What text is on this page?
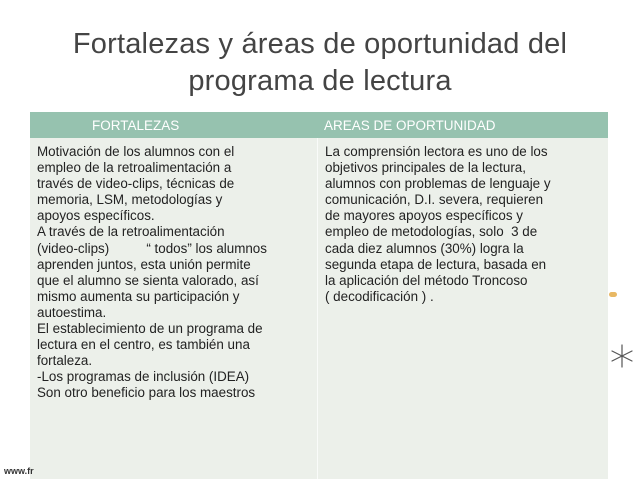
Fortalezas y áreas de oportunidad del
programa de lectura
FORTALEZAS	AREAS DE OPORTUNIDAD
Motivación de los alumnos con el
empleo de la retroalimentación a
través de video-clips, técnicas de
memoria, LSM, metodologías y
apoyos específicos.
A través de la retroalimentación
(video-clips)          “ todos” los alumnos
aprenden juntos, esta unión permite
que el alumno se sienta valorado, así
mismo aumenta su participación y
autoestima.
El establecimiento de un programa de
lectura en el centro, es también una
fortaleza.
-Los programas de inclusión (IDEA)
Son otro beneficio para los maestros
La comprensión lectora es uno de los
objetivos principales de la lectura,
alumnos con problemas de lenguaje y
comunicación, D.I. severa, requieren
de mayores apoyos específicos y
empleo de metodologías, solo  3 de
cada diez alumnos (30%) logra la
segunda etapa de lectura, basada en
la aplicación del método Troncoso
( decodificación ) .
www.fr
